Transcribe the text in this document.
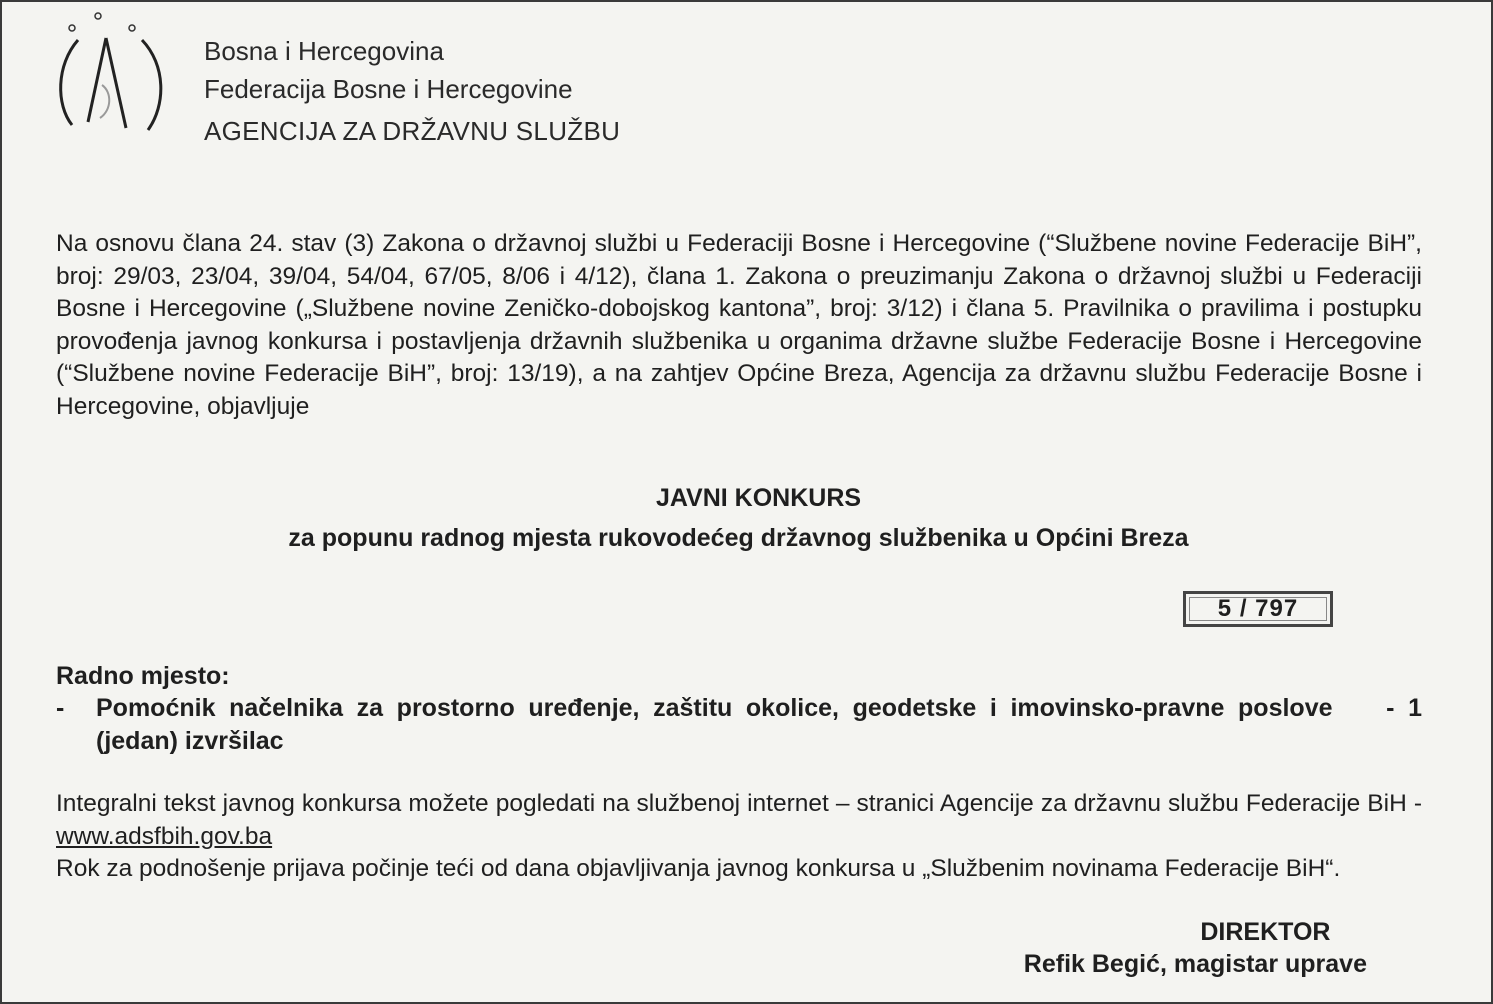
Bosna i Hercegovina
Federacija Bosne i Hercegovine
AGENCIJA ZA DRŽAVNU SLUŽBU
Na osnovu člana 24. stav (3) Zakona o državnoj službi u Federaciji Bosne i Hercegovine (“Službene novine Federacije BiH”, broj: 29/03, 23/04, 39/04, 54/04, 67/05, 8/06 i 4/12), člana 1. Zakona o preuzimanju Zakona o državnoj službi u Federaciji Bosne i Hercegovine („Službene novine Zeničko-dobojskog kantona”, broj: 3/12) i člana 5. Pravilnika o pravilima i postupku provođenja javnog konkursa i postavljenja državnih službenika u organima državne službe Federacije Bosne i Hercegovine (“Službene novine Federacije BiH”, broj: 13/19), a na zahtjev Općine Breza, Agencija za državnu službu Federacije Bosne i Hercegovine, objavljuje
JAVNI KONKURS
za popunu radnog mjesta rukovodećeg državnog službenika u Općini Breza
5 / 797
Radno mjesto:
- Pomoćnik načelnika za prostorno uređenje, zaštitu okolice, geodetske i imovinsko-pravne poslove - 1 (jedan) izvršilac
Integralni tekst javnog konkursa možete pogledati na službenoj internet – stranici Agencije za državnu službu Federacije BiH - www.adsfbih.gov.ba
Rok za podnošenje prijava počinje teći od dana objavljivanja javnog konkursa u „Službenim novinama Federacije BiH“.
DIREKTOR
Refik Begić, magistar uprave
